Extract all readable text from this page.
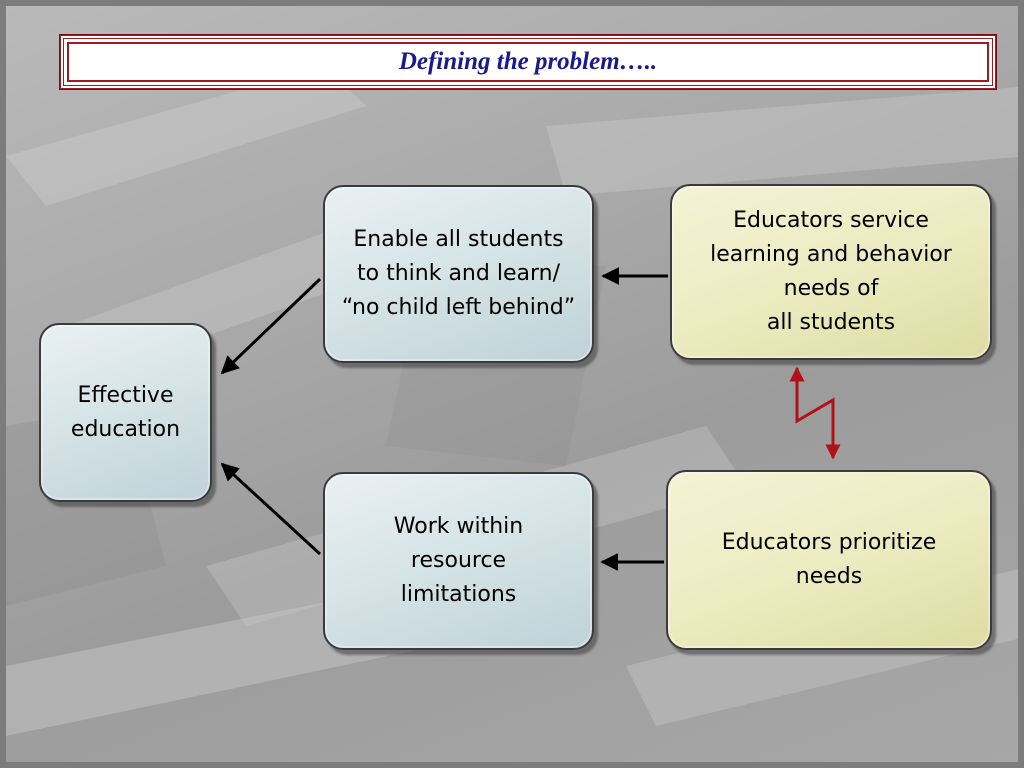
Defining the problem…..
Effective
education
Enable all students
to think and learn/
“no child left behind”
Educators service
learning and behavior
needs of
all students
Work within
resource
limitations
Educators prioritize
needs
